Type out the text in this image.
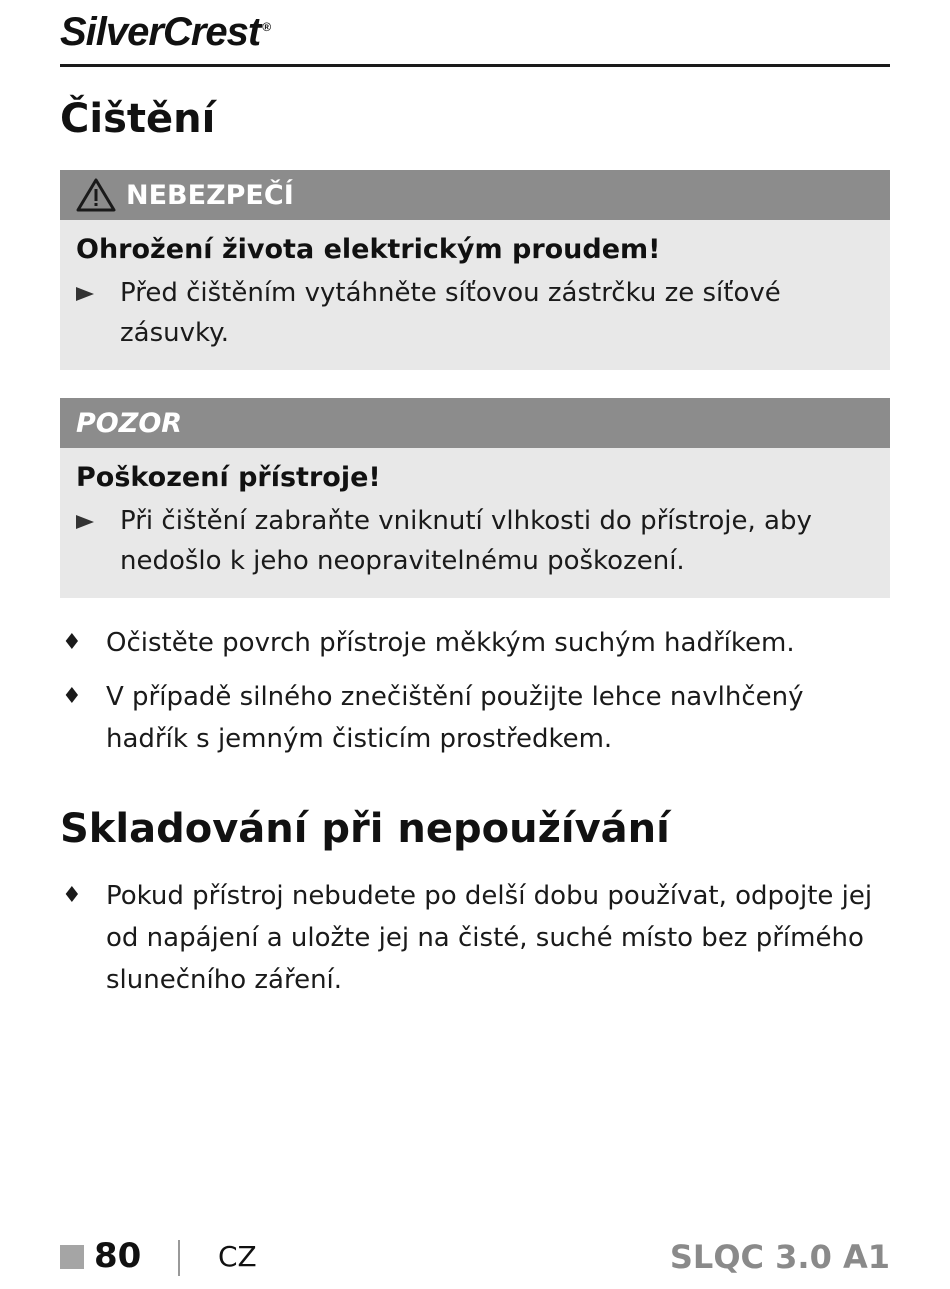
SilverCrest ®
Čištění
NEBEZPEČÍ
Ohrožení života elektrickým proudem!
Před čištěním vytáhněte síťovou zástrčku ze síťové zásuvky.
POZOR
Poškození přístroje!
Při čištění zabraňte vniknutí vlhkosti do přístroje, aby nedošlo k jeho neopravitelnému poškození.
♦ Očistěte povrch přístroje měkkým suchým hadříkem.
♦ V případě silného znečištění použijte lehce navlhčený hadřík s jemným čisticím prostředkem.
Skladování při nepoužívání
♦ Pokud přístroj nebudete po delší dobu používat, odpojte jej od napájení a uložte jej na čisté, suché místo bez přímého slunečního záření.
80	CZ	SLQC 3.0 A1
